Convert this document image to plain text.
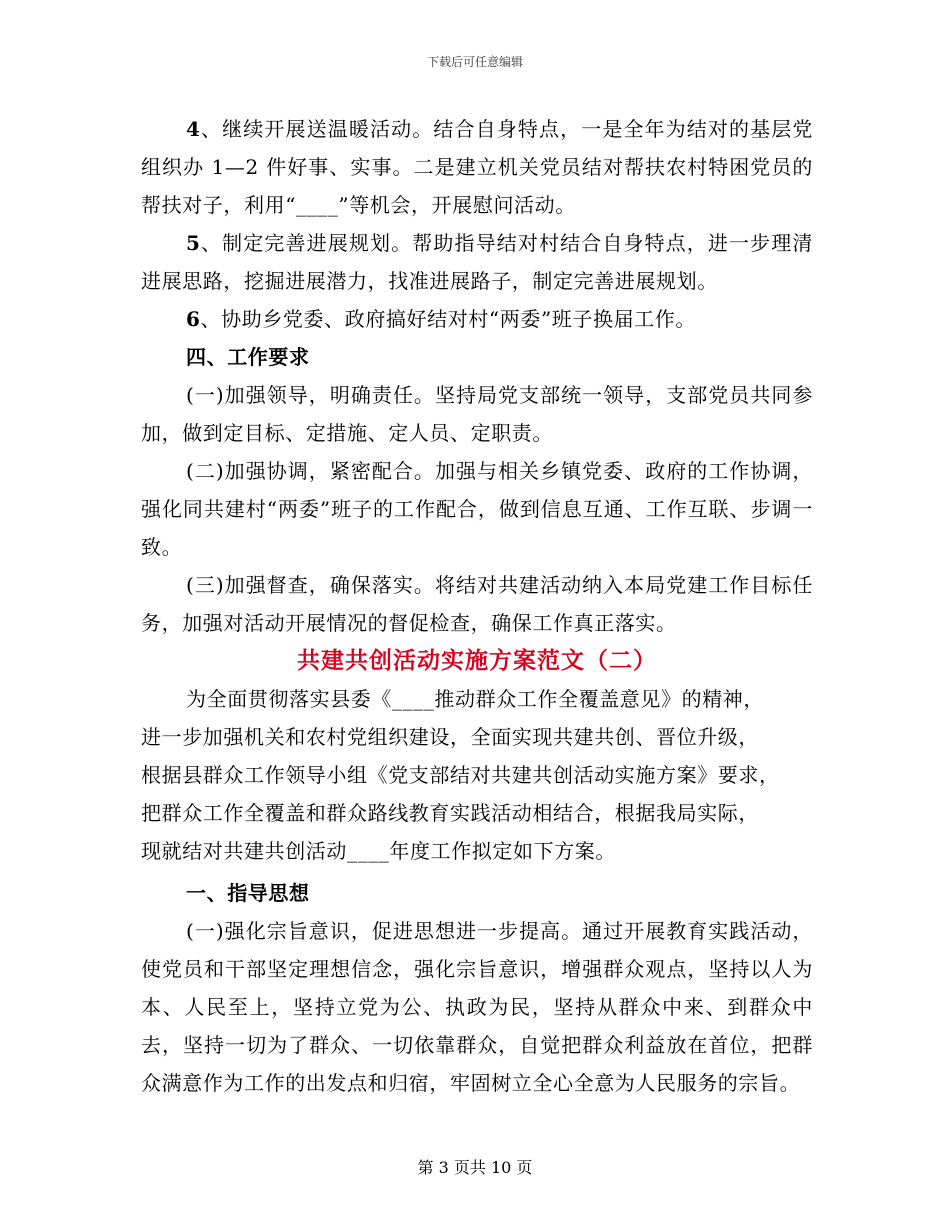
下载后可任意编辑

4、继续开展送温暖活动。结合自身特点，一是全年为结对的基层党组织办 1—2 件好事、实事。二是建立机关党员结对帮扶农村特困党员的帮扶对子，利用“____”等机会，开展慰问活动。

5、制定完善进展规划。帮助指导结对村结合自身特点，进一步理清进展思路，挖掘进展潜力，找准进展路子，制定完善进展规划。

6、协助乡党委、政府搞好结对村“两委”班子换届工作。

四、工作要求

(一)加强领导，明确责任。坚持局党支部统一领导，支部党员共同参加，做到定目标、定措施、定人员、定职责。

(二)加强协调，紧密配合。加强与相关乡镇党委、政府的工作协调，强化同共建村“两委”班子的工作配合，做到信息互通、工作互联、步调一致。

(三)加强督查，确保落实。将结对共建活动纳入本局党建工作目标任务，加强对活动开展情况的督促检查，确保工作真正落实。

共建共创活动实施方案范文（二）

为全面贯彻落实县委《____推动群众工作全覆盖意见》的精神，

进一步加强机关和农村党组织建设，全面实现共建共创、晋位升级，

根据县群众工作领导小组《党支部结对共建共创活动实施方案》要求，

把群众工作全覆盖和群众路线教育实践活动相结合，根据我局实际，

现就结对共建共创活动____年度工作拟定如下方案。

一、指导思想

(一)强化宗旨意识，促进思想进一步提高。通过开展教育实践活动，使党员和干部坚定理想信念，强化宗旨意识，增强群众观点，坚持以人为本、人民至上，坚持立党为公、执政为民，坚持从群众中来、到群众中去，坚持一切为了群众、一切依靠群众，自觉把群众利益放在首位，把群众满意作为工作的出发点和归宿，牢固树立全心全意为人民服务的宗旨。

第 3 页共 10 页
